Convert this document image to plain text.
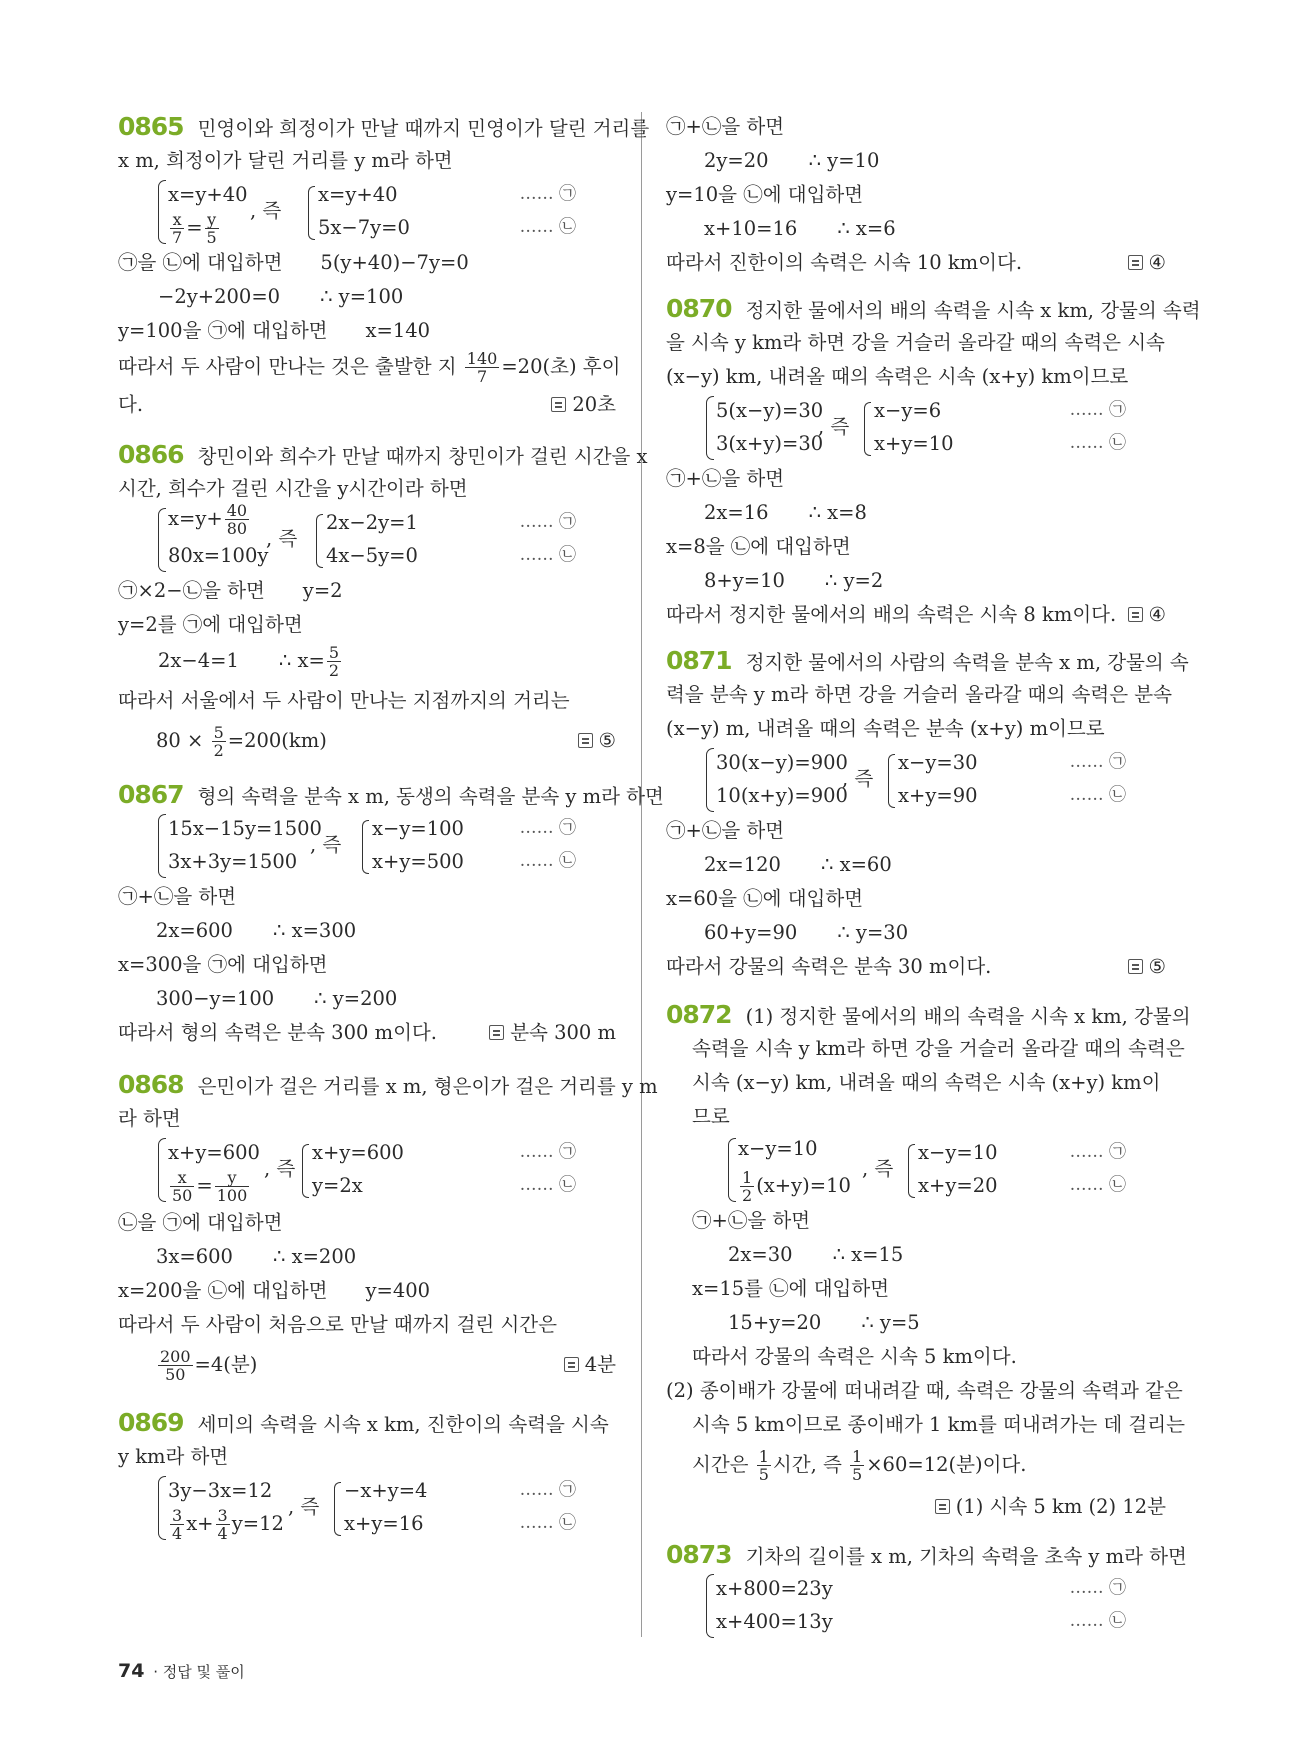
0865 민영이와 희정이가 만날 때까지 민영이가 달린 거리를
x m, 희정이가 달린 거리를 y m라 하면
x=y+40
$\frac{x}{7} = \frac{y}{5}$
, 즉
x=y+40
5x−7y=0
…… ㉠
…… ㉡
㉠을 ㉡에 대입하면 5(y+40)−7y=0
−2y+200=0 ∴ y=100
y=100을 ㉠에 대입하면 x=140
따라서 두 사람이 만나는 것은 출발한 지 $\frac{140}{7} =20$(초) 후이
다.	20초
0866 창민이와 희수가 만날 때까지 창민이가 걸린 시간을 x
시간, 희수가 걸린 시간을 y시간이라 하면
$x=y+ \frac{40}{80}$
80x=100y
, 즉
2x−2y=1
4x−5y=0
…… ㉠
…… ㉡
㉠×2−㉡을 하면 y=2
y=2를 ㉠에 대입하면
2x−4=1 ∴ $x= \frac{5}{2}$
따라서 서울에서 두 사람이 만나는 지점까지의 거리는
$80 \times \frac{5}{2} =200(km)$	⑤
0867 형의 속력을 분속 x m, 동생의 속력을 분속 y m라 하면
15x−15y=1500
3x+3y=1500
, 즉
x−y=100
x+y=500
…… ㉠
…… ㉡
㉠+㉡을 하면
2x=600 ∴ x=300
x=300을 ㉠에 대입하면
300−y=100 ∴ y=200
따라서 형의 속력은 분속 300 m이다.	분속 300 m
0868 은민이가 걸은 거리를 x m, 형은이가 걸은 거리를 y m
라 하면
x+y=600
$\frac{x}{50} = \frac{y}{100}$
, 즉
x+y=600
y=2x
…… ㉠
…… ㉡
㉡을 ㉠에 대입하면
3x=600 ∴ x=200
x=200을 ㉡에 대입하면 y=400
따라서 두 사람이 처음으로 만날 때까지 걸린 시간은
$\frac{200}{50} =4$(분)	4분
0869 세미의 속력을 시속 x km, 진한이의 속력을 시속
y km라 하면
3y−3x=12
$\frac{3}{4} x+ \frac{3}{4} y=12$
, 즉
−x+y=4
x+y=16
…… ㉠
…… ㉡
㉠+㉡을 하면
2y=20 ∴ y=10
y=10을 ㉡에 대입하면
x+10=16 ∴ x=6
따라서 진한이의 속력은 시속 10 km이다.	④
0870 정지한 물에서의 배의 속력을 시속 x km, 강물의 속력
을 시속 y km라 하면 강을 거슬러 올라갈 때의 속력은 시속
(x−y) km, 내려올 때의 속력은 시속 (x+y) km이므로
5(x−y)=30
3(x+y)=30
, 즉
x−y=6
x+y=10
…… ㉠
…… ㉡
㉠+㉡을 하면
2x=16 ∴ x=8
x=8을 ㉡에 대입하면
8+y=10 ∴ y=2
따라서 정지한 물에서의 배의 속력은 시속 8 km이다.	④
0871 정지한 물에서의 사람의 속력을 분속 x m, 강물의 속
력을 분속 y m라 하면 강을 거슬러 올라갈 때의 속력은 분속
(x−y) m, 내려올 때의 속력은 분속 (x+y) m이므로
30(x−y)=900
10(x+y)=900
, 즉
x−y=30
x+y=90
…… ㉠
…… ㉡
㉠+㉡을 하면
2x=120 ∴ x=60
x=60을 ㉡에 대입하면
60+y=90 ∴ y=30
따라서 강물의 속력은 분속 30 m이다.	⑤
0872 (1) 정지한 물에서의 배의 속력을 시속 x km, 강물의
속력을 시속 y km라 하면 강을 거슬러 올라갈 때의 속력은
시속 (x−y) km, 내려올 때의 속력은 시속 (x+y) km이
므로
x−y=10
$\frac{1}{2} (x+y)=10$
, 즉
x−y=10
x+y=20
…… ㉠
…… ㉡
㉠+㉡을 하면
2x=30 ∴ x=15
x=15를 ㉡에 대입하면
15+y=20 ∴ y=5
따라서 강물의 속력은 시속 5 km이다.
(2) 종이배가 강물에 떠내려갈 때, 속력은 강물의 속력과 같은
시속 5 km이므로 종이배가 1 km를 떠내려가는 데 걸리는
시간은 $\frac{1}{5}$ 시간, 즉 $\frac{1}{5} \times 60=12$(분)이다.
(1) 시속 5 km (2) 12분
0873 기차의 길이를 x m, 기차의 속력을 초속 y m라 하면
x+800=23y
x+400=13y
…… ㉠
…… ㉡
74 · 정답 및 풀이
